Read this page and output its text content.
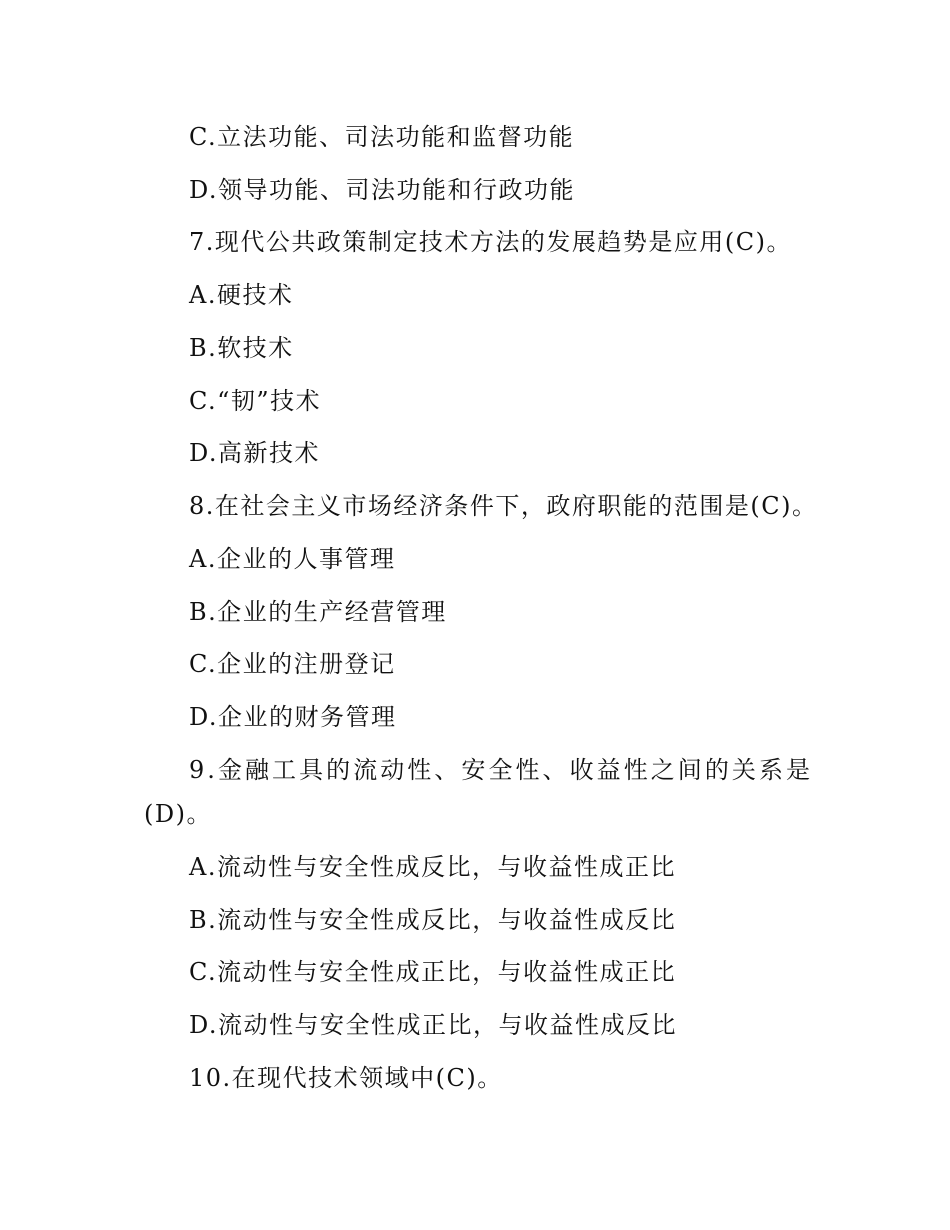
C.立法功能、司法功能和监督功能
D.领导功能、司法功能和行政功能
7.现代公共政策制定技术方法的发展趋势是应用(C)。
A.硬技术
B.软技术
C.“韧”技术
D.高新技术
8.在社会主义市场经济条件下，政府职能的范围是(C)。
A.企业的人事管理
B.企业的生产经营管理
C.企业的注册登记
D.企业的财务管理
9.金融工具的流动性、安全性、收益性之间的关系是
(D)。
A.流动性与安全性成反比，与收益性成正比
B.流动性与安全性成反比，与收益性成反比
C.流动性与安全性成正比，与收益性成正比
D.流动性与安全性成正比，与收益性成反比
10.在现代技术领域中(C)。
